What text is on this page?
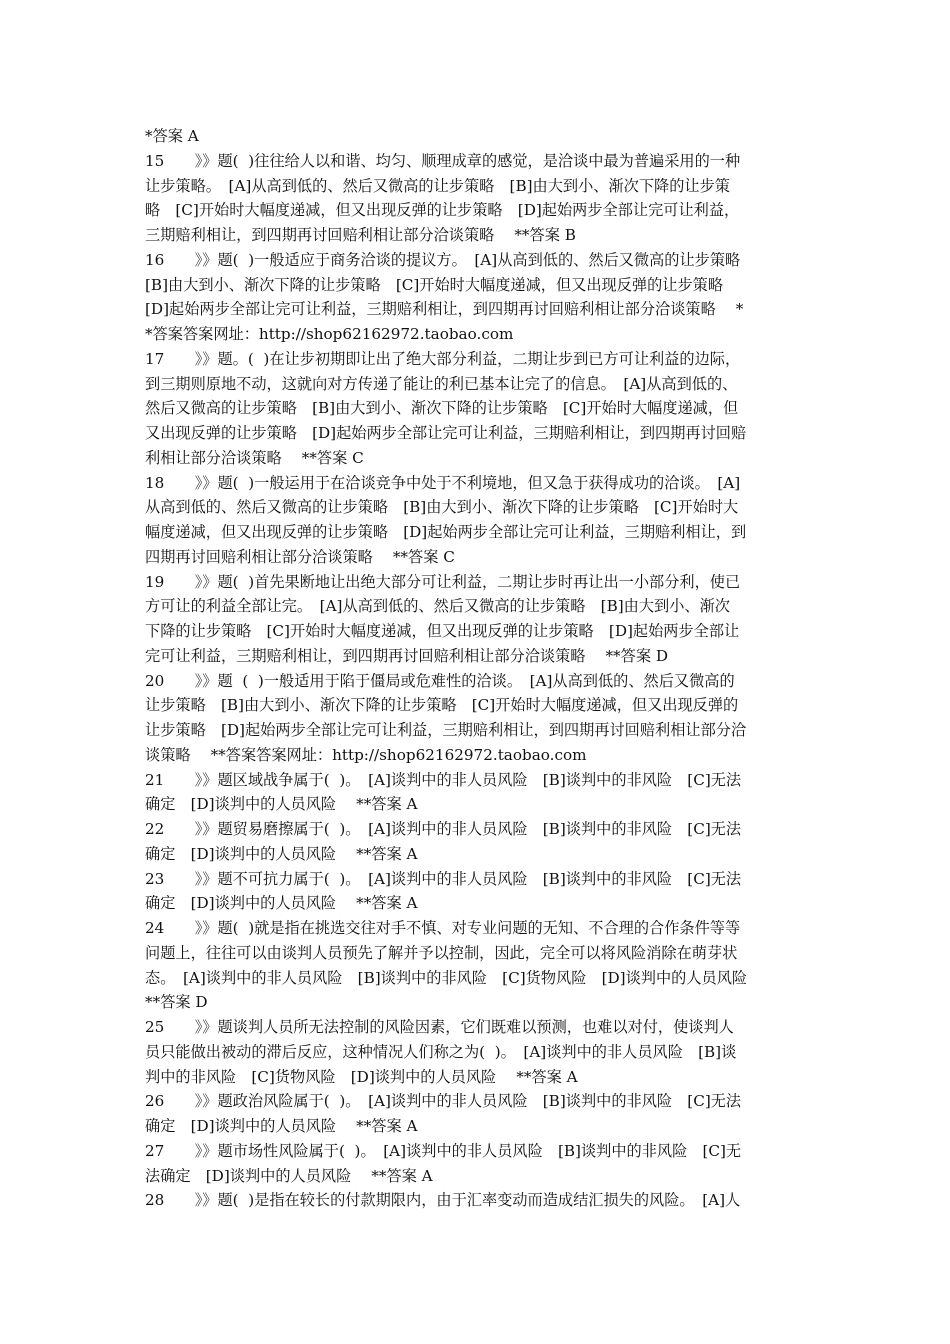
*答案 A
15　　》》题(  )往往给人以和谐、均匀、顺理成章的感觉，是洽谈中最为普遍采用的一种
让步策略。　[A]从高到低的、然后又微高的让步策略　[B]由大到小、渐次下降的让步策
略　[C]开始时大幅度递减，但又出现反弹的让步策略　[D]起始两步全部让完可让利益，
三期赔利相让，到四期再讨回赔利相让部分洽谈策略　 **答案 B
16　　》》题(  )一般适应于商务洽谈的提议方。　[A]从高到低的、然后又微高的让步策略
[B]由大到小、渐次下降的让步策略　[C]开始时大幅度递减，但又出现反弹的让步策略
[D]起始两步全部让完可让利益，三期赔利相让，到四期再讨回赔利相让部分洽谈策略　 *
*答案答案网址：http://shop62162972.taobao.com
17　　》》题。(  )在让步初期即让出了绝大部分利益，二期让步到已方可让利益的边际，
到三期则原地不动，这就向对方传递了能让的利已基本让完了的信息。　[A]从高到低的、
然后又微高的让步策略　[B]由大到小、渐次下降的让步策略　[C]开始时大幅度递减，但
又出现反弹的让步策略　[D]起始两步全部让完可让利益，三期赔利相让，到四期再讨回赔
利相让部分洽谈策略　 **答案 C
18　　》》题(  )一般运用于在洽谈竞争中处于不利境地，但又急于获得成功的洽谈。　[A]
从高到低的、然后又微高的让步策略　[B]由大到小、渐次下降的让步策略　[C]开始时大
幅度递减，但又出现反弹的让步策略　[D]起始两步全部让完可让利益，三期赔利相让，到
四期再讨回赔利相让部分洽谈策略　 **答案 C
19　　》》题(  )首先果断地让出绝大部分可让利益，二期让步时再让出一小部分利，使已
方可让的利益全部让完。　[A]从高到低的、然后又微高的让步策略　[B]由大到小、渐次
下降的让步策略　[C]开始时大幅度递减，但又出现反弹的让步策略　[D]起始两步全部让
完可让利益，三期赔利相让，到四期再讨回赔利相让部分洽谈策略　 **答案 D
20　　》》题  (  )一般适用于陷于僵局或危难性的洽谈。　[A]从高到低的、然后又微高的
让步策略　[B]由大到小、渐次下降的让步策略　[C]开始时大幅度递减，但又出现反弹的
让步策略　[D]起始两步全部让完可让利益，三期赔利相让，到四期再讨回赔利相让部分洽
谈策略　 **答案答案网址：http://shop62162972.taobao.com
21　　》》题区域战争属于(  )。　[A]谈判中的非人员风险　[B]谈判中的非风险　[C]无法
确定　[D]谈判中的人员风险　 **答案 A
22　　》》题贸易磨擦属于(  )。　[A]谈判中的非人员风险　[B]谈判中的非风险　[C]无法
确定　[D]谈判中的人员风险　 **答案 A
23　　》》题不可抗力属于(  )。　[A]谈判中的非人员风险　[B]谈判中的非风险　[C]无法
确定　[D]谈判中的人员风险　 **答案 A
24　　》》题(  )就是指在挑选交往对手不慎、对专业问题的无知、不合理的合作条件等等
问题上，往往可以由谈判人员预先了解并予以控制，因此，完全可以将风险消除在萌芽状
态。　[A]谈判中的非人员风险　[B]谈判中的非风险　[C]货物风险　[D]谈判中的人员风险
**答案 D
25　　》》题谈判人员所无法控制的风险因素，它们既难以预测，也难以对付，使谈判人
员只能做出被动的滞后反应，这种情况人们称之为(  )。　[A]谈判中的非人员风险　[B]谈
判中的非风险　[C]货物风险　[D]谈判中的人员风险　 **答案 A
26　　》》题政治风险属于(  )。　[A]谈判中的非人员风险　[B]谈判中的非风险　[C]无法
确定　[D]谈判中的人员风险　 **答案 A
27　　》》题市场性风险属于(  )。　[A]谈判中的非人员风险　[B]谈判中的非风险　[C]无
法确定　[D]谈判中的人员风险　 **答案 A
28　　》》题(  )是指在较长的付款期限内，由于汇率变动而造成结汇损失的风险。　[A]人
